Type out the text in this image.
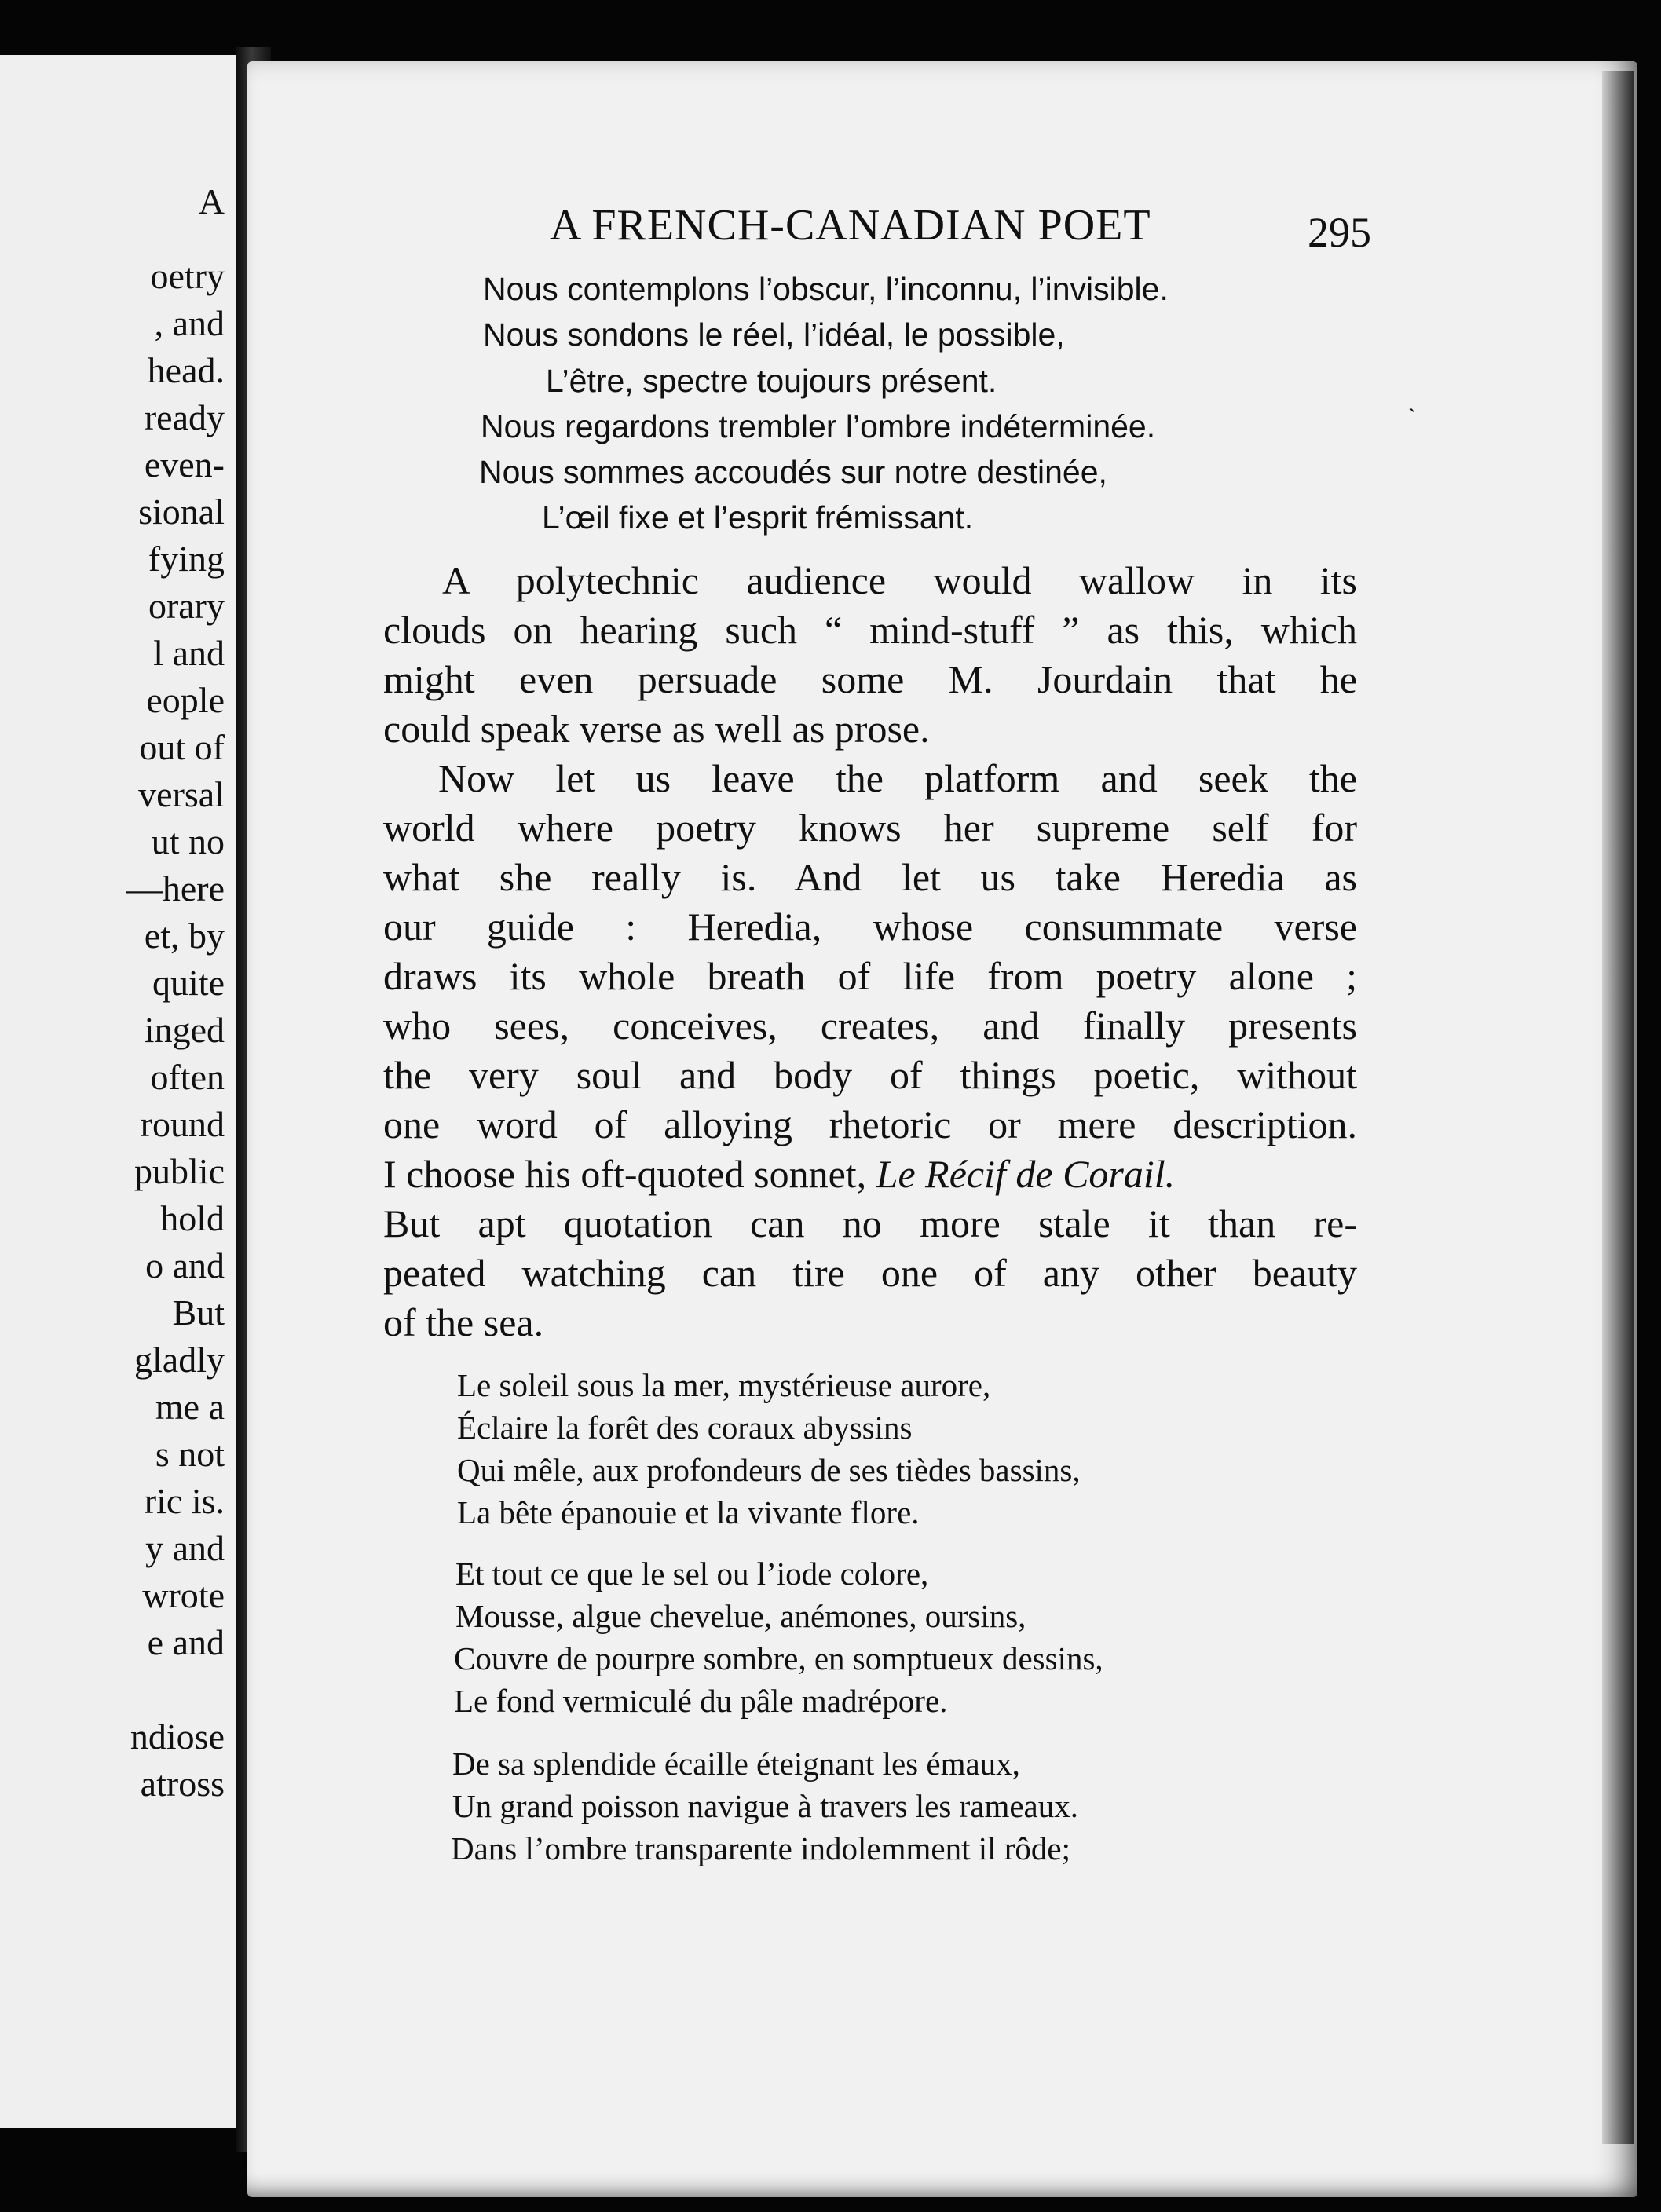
A
oetry
, and
head.
ready
even-
sional
fying
orary
l and
eople
out of
versal
ut no
—here
et, by
quite
inged
often
round
public
hold
o and
But
gladly
me a
s not
ric is.
y and
wrote
e and
ndiose
atross
A FRENCH-CANADIAN POET	295
`
Nous contemplons l’obscur, l’inconnu, l’invisible.
Nous sondons le réel, l’idéal, le possible,
L’être, spectre toujours présent.
Nous regardons trembler l’ombre indéterminée.
Nous sommes accoudés sur notre destinée,
L’œil fixe et l’esprit frémissant.
A polytechnic audience would wallow in its
clouds on hearing such “ mind-stuff ” as this, which
might even persuade some M. Jourdain that he
could speak verse as well as prose.
Now let us leave the platform and seek the
world where poetry knows her supreme self for
what she really is. And let us take Heredia as
our guide : Heredia, whose consummate verse
draws its whole breath of life from poetry alone ;
who sees, conceives, creates, and finally presents
the very soul and body of things poetic, without
one word of alloying rhetoric or mere description.
I choose his oft-quoted sonnet, Le Récif de Corail.
But apt quotation can no more stale it than re-
peated watching can tire one of any other beauty
of the sea.
Le soleil sous la mer, mystérieuse aurore,
Éclaire la forêt des coraux abyssins
Qui mêle, aux profondeurs de ses tièdes bassins,
La bête épanouie et la vivante flore.
Et tout ce que le sel ou l’iode colore,
Mousse, algue chevelue, anémones, oursins,
Couvre de pourpre sombre, en somptueux dessins,
Le fond vermiculé du pâle madrépore.
De sa splendide écaille éteignant les émaux,
Un grand poisson navigue à travers les rameaux.
Dans l’ombre transparente indolemment il rôde;
